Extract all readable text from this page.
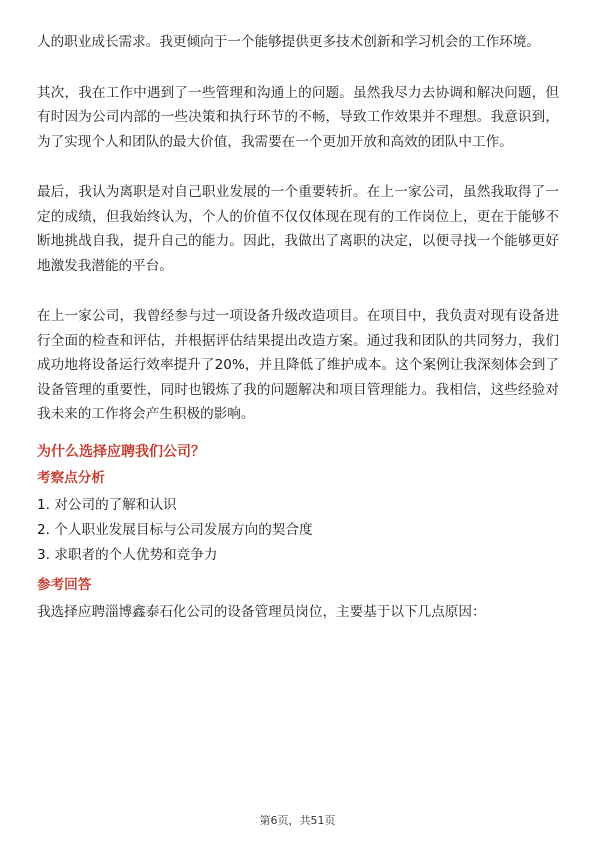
人的职业成长需求。我更倾向于一个能够提供更多技术创新和学习机会的工作环境。

其次，我在工作中遇到了一些管理和沟通上的问题。虽然我尽力去协调和解决问题，但有时因为公司内部的一些决策和执行环节的不畅，导致工作效果并不理想。我意识到，为了实现个人和团队的最大价值，我需要在一个更加开放和高效的团队中工作。

最后，我认为离职是对自己职业发展的一个重要转折。在上一家公司，虽然我取得了一定的成绩，但我始终认为，个人的价值不仅仅体现在现有的工作岗位上，更在于能够不断地挑战自我，提升自己的能力。因此，我做出了离职的决定，以便寻找一个能够更好地激发我潜能的平台。

在上一家公司，我曾经参与过一项设备升级改造项目。在项目中，我负责对现有设备进行全面的检查和评估，并根据评估结果提出改造方案。通过我和团队的共同努力，我们成功地将设备运行效率提升了20%，并且降低了维护成本。这个案例让我深刻体会到了设备管理的重要性，同时也锻炼了我的问题解决和项目管理能力。我相信，这些经验对我未来的工作将会产生积极的影响。

为什么选择应聘我们公司？
考察点分析
1. 对公司的了解和认识
2. 个人职业发展目标与公司发展方向的契合度
3. 求职者的个人优势和竞争力
参考回答

我选择应聘淄博鑫泰石化公司的设备管理员岗位，主要基于以下几点原因：

第6页，共51页
